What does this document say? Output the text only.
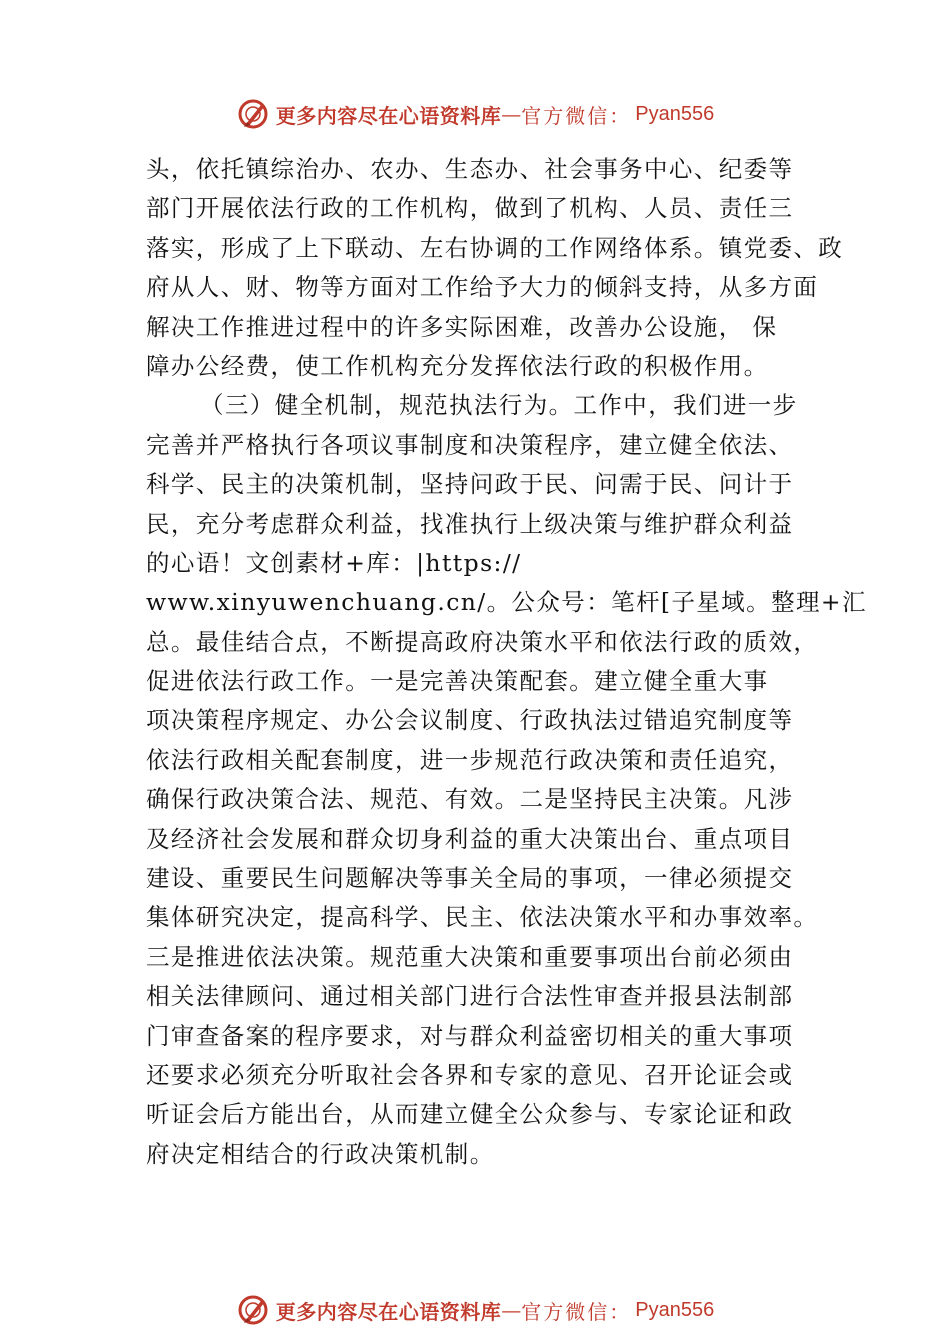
更多内容尽在心语资料库 — 官方微信： Pyan556
头，依托镇综治办、农办、生态办、社会事务中心、纪委等
部门开展依法行政的工作机构，做到了机构、人员、责任三
落实，形成了上下联动、左右协调的工作网络体系。镇党委、政
府从人、财、物等方面对工作给予大力的倾斜支持，从多方面
解决工作推进过程中的许多实际困难，改善办公设施， 保
障办公经费，使工作机构充分发挥依法行政的积极作用。
（三）健全机制，规范执法行为。工作中，我们进一步
完善并严格执行各项议事制度和决策程序，建立健全依法、
科学、民主的决策机制，坚持问政于民、问需于民、问计于
民，充分考虑群众利益，找准执行上级决策与维护群众利益
的心语！文创素材+库：|https://
www.xinyuwenchuang.cn/。公众号：笔杆[子星域。整理+汇
总。最佳结合点，不断提高政府决策水平和依法行政的质效，
促进依法行政工作。一是完善决策配套。建立健全重大事
项决策程序规定、办公会议制度、行政执法过错追究制度等
依法行政相关配套制度，进一步规范行政决策和责任追究，
确保行政决策合法、规范、有效。二是坚持民主决策。凡涉
及经济社会发展和群众切身利益的重大决策出台、重点项目
建设、重要民生问题解决等事关全局的事项，一律必须提交
集体研究决定，提高科学、民主、依法决策水平和办事效率。
三是推进依法决策。规范重大决策和重要事项出台前必须由
相关法律顾问、通过相关部门进行合法性审查并报县法制部
门审查备案的程序要求，对与群众利益密切相关的重大事项
还要求必须充分听取社会各界和专家的意见、召开论证会或
听证会后方能出台，从而建立健全公众参与、专家论证和政
府决定相结合的行政决策机制。
更多内容尽在心语资料库 — 官方微信： Pyan556
